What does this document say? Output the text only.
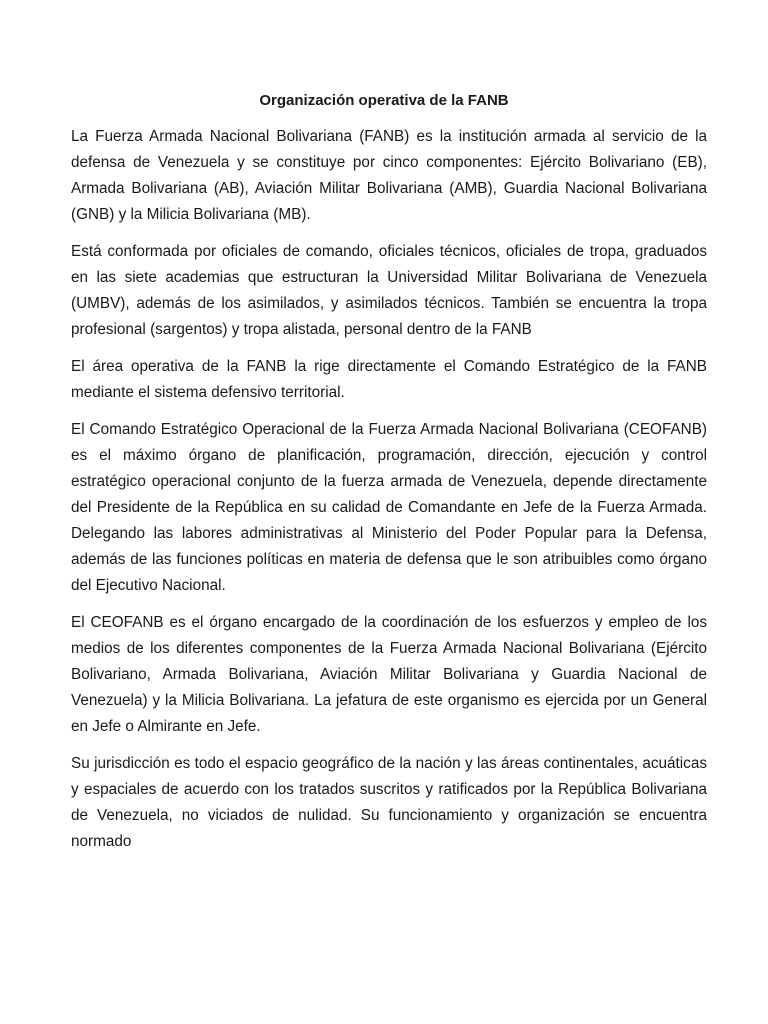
Organización operativa de la FANB

La Fuerza Armada Nacional Bolivariana (FANB) es la institución armada al servicio de la defensa de Venezuela y se constituye por cinco componentes: Ejército Bolivariano (EB), Armada Bolivariana (AB), Aviación Militar Bolivariana (AMB), Guardia Nacional Bolivariana (GNB) y la Milicia Bolivariana (MB).

Está conformada por oficiales de comando, oficiales técnicos, oficiales de tropa, graduados en las siete academias que estructuran la Universidad Militar Bolivariana de Venezuela (UMBV), además de los asimilados, y asimilados técnicos. También se encuentra la tropa profesional (sargentos) y tropa alistada, personal dentro de la FANB

El área operativa de la FANB la rige directamente el Comando Estratégico de la FANB mediante el sistema defensivo territorial.

El Comando Estratégico Operacional de la Fuerza Armada Nacional Bolivariana (CEOFANB) es el máximo órgano de planificación, programación, dirección, ejecución y control estratégico operacional conjunto de la fuerza armada de Venezuela, depende directamente del Presidente de la República en su calidad de Comandante en Jefe de la Fuerza Armada. Delegando las labores administrativas al Ministerio del Poder Popular para la Defensa, además de las funciones políticas en materia de defensa que le son atribuibles como órgano del Ejecutivo Nacional.

El CEOFANB es el órgano encargado de la coordinación de los esfuerzos y empleo de los medios de los diferentes componentes de la Fuerza Armada Nacional Bolivariana (Ejército Bolivariano, Armada Bolivariana, Aviación Militar Bolivariana y Guardia Nacional de Venezuela) y la Milicia Bolivariana. La jefatura de este organismo es ejercida por un General en Jefe o Almirante en Jefe.

Su jurisdicción es todo el espacio geográfico de la nación y las áreas continentales, acuáticas y espaciales de acuerdo con los tratados suscritos y ratificados por la República Bolivariana de Venezuela, no viciados de nulidad. Su funcionamiento y organización se encuentra normado
